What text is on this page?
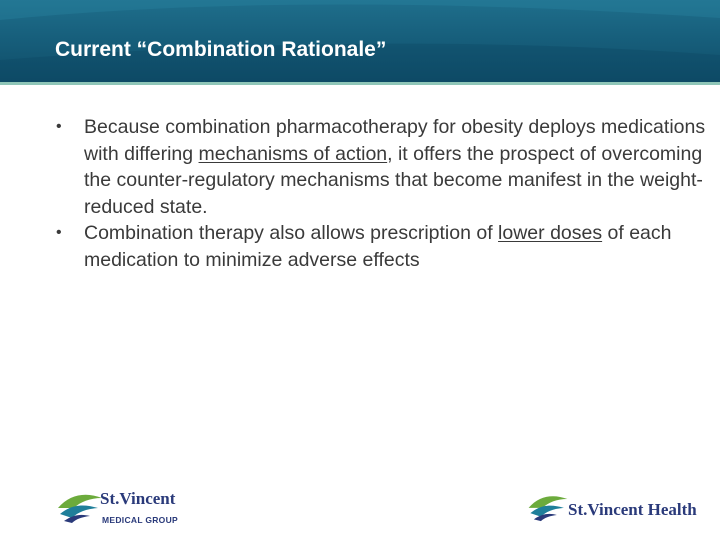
Current “Combination Rationale”

• Because combination pharmacotherapy for obesity deploys medications with differing mechanisms of action, it offers the prospect of overcoming the counter-regulatory mechanisms that become manifest in the weight-reduced state.

• Combination therapy also allows prescription of lower doses of each medication to minimize adverse effects

St.Vincent
MEDICAL GROUP
St.Vincent Health
